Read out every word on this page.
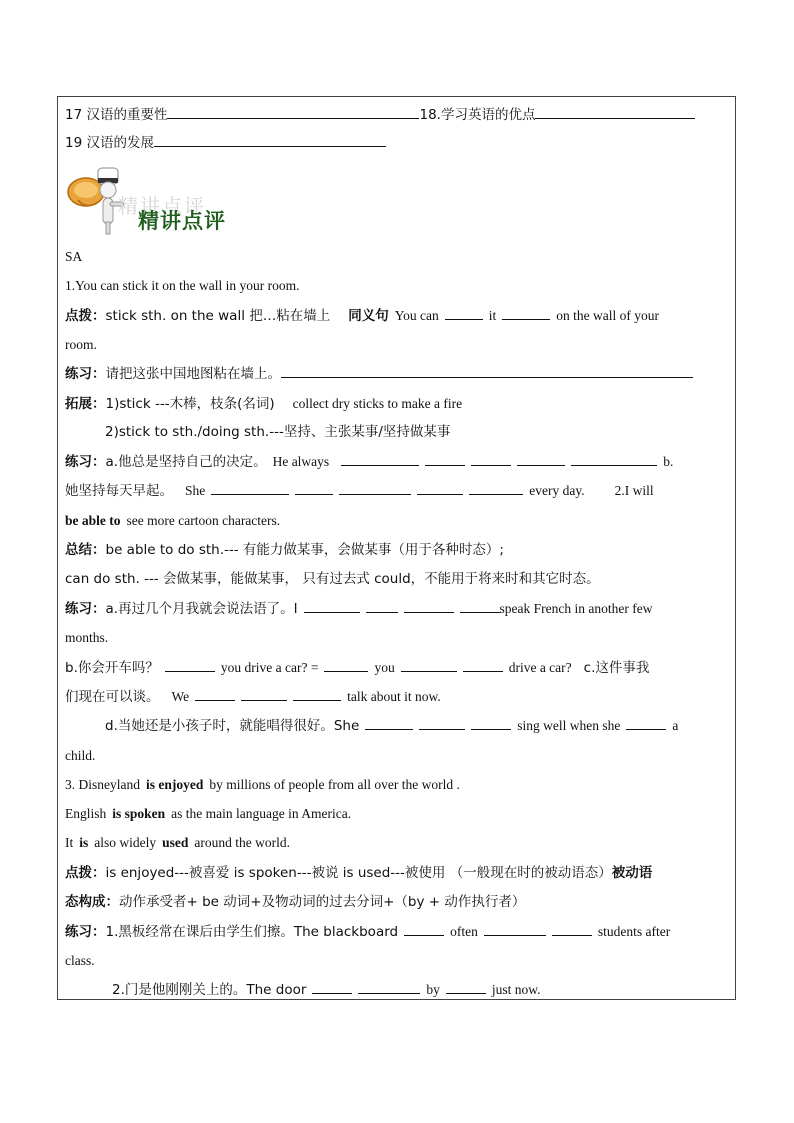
17 汉语的重要性	18.学习英语的优点
19 汉语的发展
精讲点评
精讲点评
SA
1.You can stick it on the wall in your room.
点拨：stick sth. on the wall 把…粘在墙上 同义句 You can	it	on the wall of your
room.
练习：请把这张中国地图粘在墙上。
拓展：1)stick ---木棒，枝条(名词) collect dry sticks to make a fire
2)stick to sth./doing sth.---坚持、主张某事/坚持做某事
练习：a.他总是坚持自己的决定。 He always	b.
她坚持每天早起。 She	every day. 2.I will
be able to see more cartoon characters.
总结：be able to do sth.--- 有能力做某事，会做某事（用于各种时态）;
can do sth. --- 会做某事，能做某事， 只有过去式 could，不能用于将来时和其它时态。
练习：a.再过几个月我就会说法语了。I	speak French in another few
months.
b.你会开车吗？	you drive a car? =	you	drive a car? c.这件事我
们现在可以谈。 We	talk about it now.
d.当她还是小孩子时，就能唱得很好。She	sing well when she	a
child.
3. Disneyland is enjoyed by millions of people from all over the world .
English is spoken as the main language in America.
It is also widely used around the world.
点拨：is enjoyed---被喜爱 is spoken---被说 is used---被使用 （一般现在时的被动语态）被动语
态构成：动作承受者+ be 动词+及物动词的过去分词+（by + 动作执行者）
练习：1.黑板经常在课后由学生们擦。The blackboard	often	students after
class.
2.门是他刚刚关上的。The door	by	just now.
